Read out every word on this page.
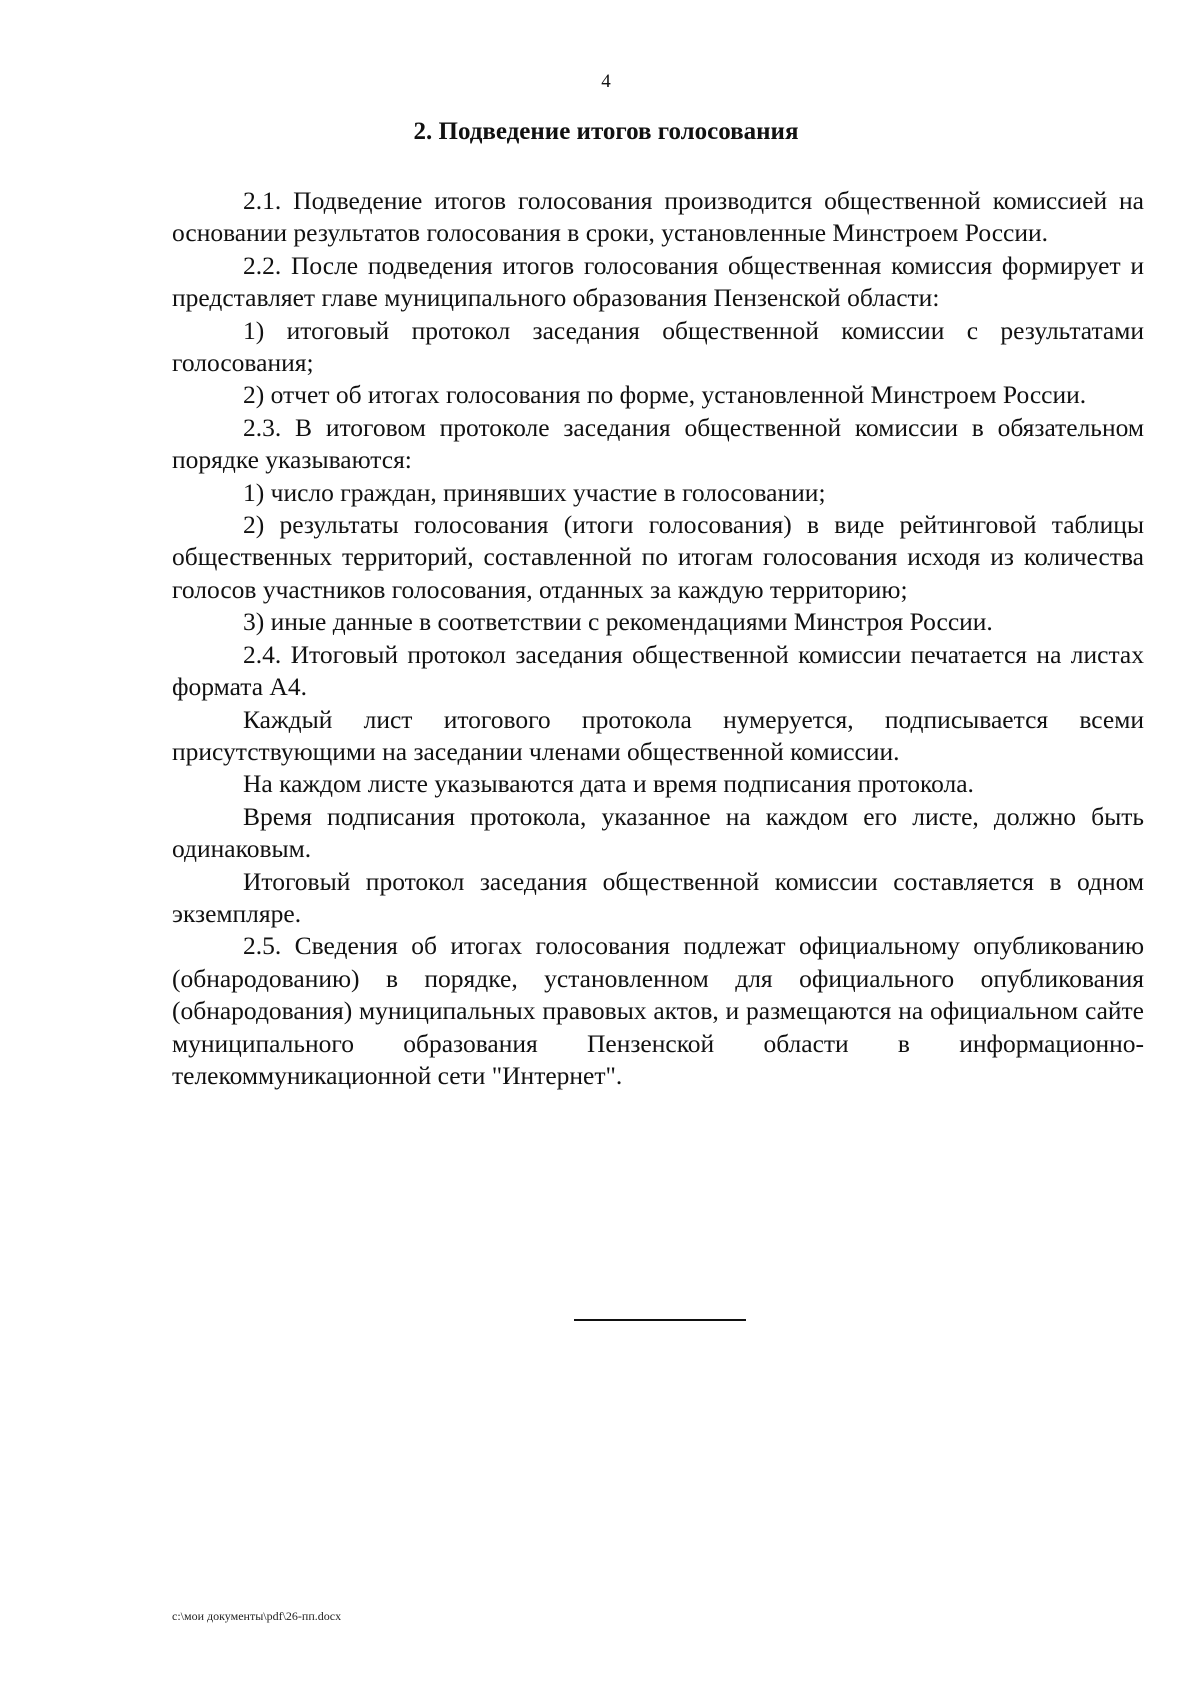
4
2. Подведение итогов голосования

2.1. Подведение итогов голосования производится общественной комиссией на основании результатов голосования в сроки, установленные Минстроем России.

2.2. После подведения итогов голосования общественная комиссия формирует и представляет главе муниципального образования Пензенской области:

1) итоговый протокол заседания общественной комиссии с результатами голосования;

2) отчет об итогах голосования по форме, установленной Минстроем России.

2.3. В итоговом протоколе заседания общественной комиссии в обязательном порядке указываются:

1) число граждан, принявших участие в голосовании;

2) результаты голосования (итоги голосования) в виде рейтинговой таблицы общественных территорий, составленной по итогам голосования исходя из количества голосов участников голосования, отданных за каждую территорию;

3) иные данные в соответствии с рекомендациями Минстроя России.

2.4. Итоговый протокол заседания общественной комиссии печатается на листах формата А4.

Каждый лист итогового протокола нумеруется, подписывается всеми присутствующими на заседании членами общественной комиссии.

На каждом листе указываются дата и время подписания протокола.

Время подписания протокола, указанное на каждом его листе, должно быть одинаковым.

Итоговый протокол заседания общественной комиссии составляется в одном экземпляре.

2.5. Сведения об итогах голосования подлежат официальному опубликованию (обнародованию) в порядке, установленном для официального опубликования (обнародования) муниципальных правовых актов, и размещаются на официальном сайте муниципального образования Пензенской области в информационно-телекоммуникационной сети "Интернет".

c:\мои документы\pdf\26-пп.docx
